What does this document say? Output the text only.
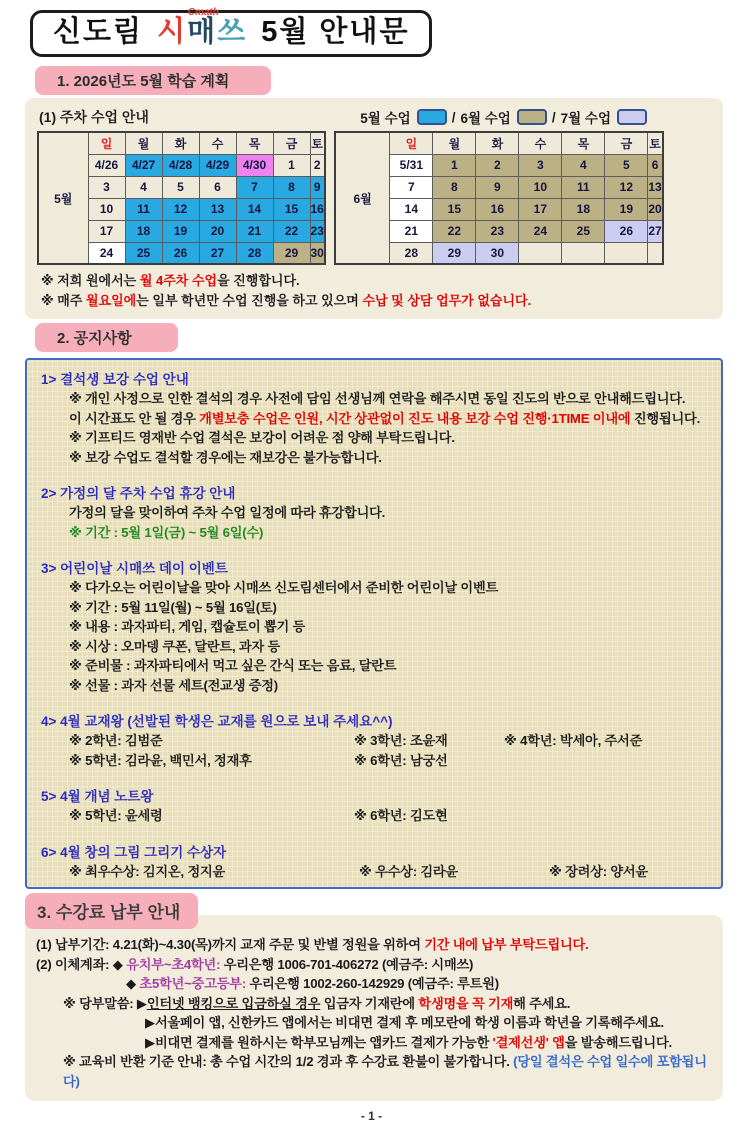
신도림
Cmath
시매쓰 5월 안내문
1. 2026년도 5월 학습 계획
(1) 주차 수업 안내	5월 수업	/ 6월 수업	/ 7월 수업
5월	일	월	화	수	목	금	토
	4/26	4/27	4/28	4/29	4/30	1	2
	3	4	5	6	7	8	9
	10	11	12	13	14	15	16
	17	18	19	20	21	22	23
	24	25	26	27	28	29	30
6월	일	월	화	수	목	금	토
	5/31	1	2	3	4	5	6
	7	8	9	10	11	12	13
	14	15	16	17	18	19	20
	21	22	23	24	25	26	27
	28	29	30				
※ 저희 원에서는 월 4주차 수업을 진행합니다.
※ 매주 월요일에는 일부 학년만 수업 진행을 하고 있으며 수납 및 상담 업무가 없습니다.
2. 공지사항
1> 결석생 보강 수업 안내
※ 개인 사정으로 인한 결석의 경우 사전에 담임 선생님께 연락을 해주시면 동일 진도의 반으로 안내해드립니다.
이 시간표도 안 될 경우 개별보충 수업은 인원, 시간 상관없이 진도 내용 보강 수업 진행·1TIME 이내에 진행됩니다.
※ 기프티드 영재반 수업 결석은 보강이 어려운 점 양해 부탁드립니다.
※ 보강 수업도 결석할 경우에는 재보강은 불가능합니다.
2> 가정의 달 주차 수업 휴강 안내
가정의 달을 맞이하여 주차 수업 일정에 따라 휴강합니다.
※ 기간 : 5월 1일(금) ~ 5월 6일(수)
3> 어린이날 시매쓰 데이 이벤트
※ 다가오는 어린이날을 맞아 시매쓰 신도림센터에서 준비한 어린이날 이벤트
※ 기간 : 5월 11일(월) ~ 5월 16일(토)
※ 내용 : 과자파티, 게임, 캡슐토이 뽑기 등
※ 시상 : 오마뎅 쿠폰, 달란트, 과자 등
※ 준비물 : 과자파티에서 먹고 싶은 간식 또는 음료, 달란트
※ 선물 : 과자 선물 세트(전교생 증정)
4> 4월 교재왕 (선발된 학생은 교재를 원으로 보내 주세요^^)
※ 2학년: 김범준	※ 3학년: 조윤재	※ 4학년: 박세아, 주서준
※ 5학년: 김라윤, 백민서, 정재후	※ 6학년: 남궁선
5> 4월 개념 노트왕
※ 5학년: 윤세령	※ 6학년: 김도현
6> 4월 창의 그림 그리기 수상자
※ 최우수상: 김지온, 정지윤	※ 우수상: 김라윤	※ 장려상: 양서윤
3. 수강료 납부 안내
(1) 납부기간: 4.21(화)~4.30(목)까지 교재 주문 및 반별 정원을 위하여 기간 내에 납부 부탁드립니다.
(2) 이체계좌: ◆ 유치부~초4학년: 우리은행 1006-701-406272 (예금주: 시매쓰)
◆ 초5학년~중고등부: 우리은행 1002-260-142929 (예금주: 루트원)
※ 당부말씀: ▶인터넷 뱅킹으로 입금하실 경우 입금자 기재란에 학생명을 꼭 기재해 주세요.
▶서울페이 앱, 신한카드 앱에서는 비대면 결제 후 메모란에 학생 이름과 학년을 기록해주세요.
▶비대면 결제를 원하시는 학부모님께는 앱카드 결제가 가능한 '결제선생' 앱을 발송해드립니다.
※ 교육비 반환 기준 안내: 총 수업 시간의 1/2 경과 후 수강료 환불이 불가합니다. (당일 결석은 수업 일수에 포함됩니다)
- 1 -
